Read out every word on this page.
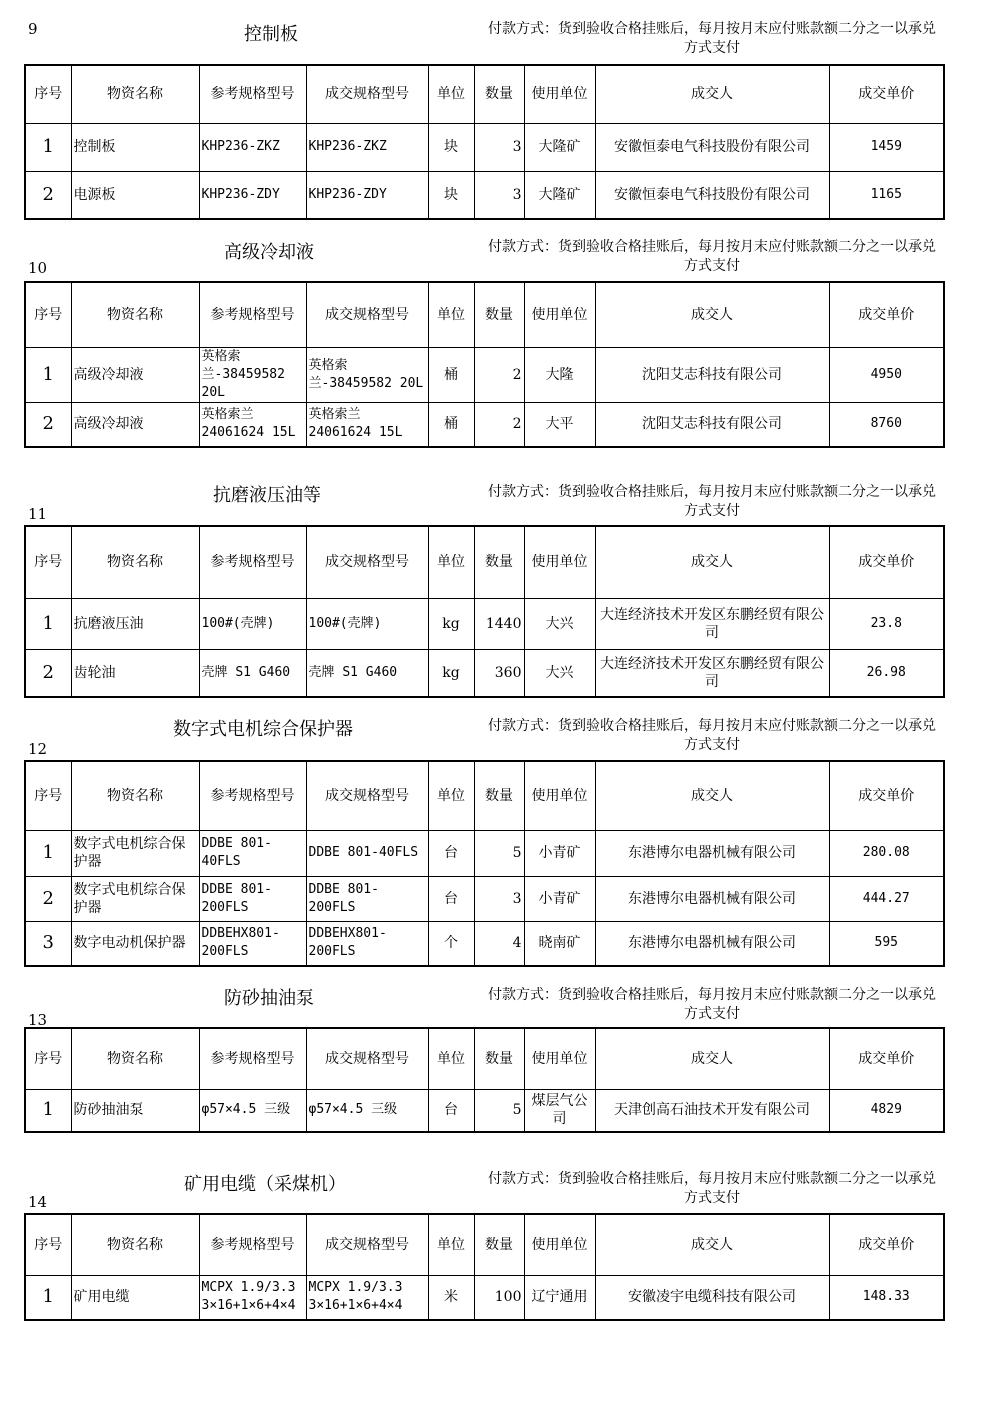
9	控制板	付款方式：货到验收合格挂账后，每月按月末应付账款额二分之一以承兑方式支付
序号	物资名称	参考规格型号	成交规格型号	单位	数量	使用单位	成交人	成交单价
1	控制板	KHP236-ZKZ	KHP236-ZKZ	块	3	大隆矿	安徽恒泰电气科技股份有限公司	1459
2	电源板	KHP236-ZDY	KHP236-ZDY	块	3	大隆矿	安徽恒泰电气科技股份有限公司	1165
10
高级冷却液	付款方式：货到验收合格挂账后，每月按月末应付账款额二分之一以承兑方式支付
序号	物资名称	参考规格型号	成交规格型号	单位	数量	使用单位	成交人	成交单价
1	高级冷却液	英格索兰-38459582 20L	英格索兰-38459582 20L	桶	2	大隆	沈阳艾志科技有限公司	4950
2	高级冷却液	英格索兰 24061624 15L	英格索兰 24061624 15L	桶	2	大平	沈阳艾志科技有限公司	8760
11
抗磨液压油等	付款方式：货到验收合格挂账后，每月按月末应付账款额二分之一以承兑方式支付
序号	物资名称	参考规格型号	成交规格型号	单位	数量	使用单位	成交人	成交单价
1	抗磨液压油	100#(壳牌)	100#(壳牌)	kg	1440	大兴	大连经济技术开发区东鹏经贸有限公司	23.8
2	齿轮油	壳牌 S1 G460	壳牌 S1 G460	kg	360	大兴	大连经济技术开发区东鹏经贸有限公司	26.98
12
数字式电机综合保护器	付款方式：货到验收合格挂账后，每月按月末应付账款额二分之一以承兑方式支付
序号	物资名称	参考规格型号	成交规格型号	单位	数量	使用单位	成交人	成交单价
1	数字式电机综合保护器	DDBE 801-40FLS	DDBE 801-40FLS	台	5	小青矿	东港博尔电器机械有限公司	280.08
2	数字式电机综合保护器	DDBE 801-200FLS	DDBE 801-200FLS	台	3	小青矿	东港博尔电器机械有限公司	444.27
3	数字电动机保护器	DDBEHX801-200FLS	DDBEHX801-200FLS	个	4	晓南矿	东港博尔电器机械有限公司	595
13
防砂抽油泵	付款方式：货到验收合格挂账后，每月按月末应付账款额二分之一以承兑方式支付
序号	物资名称	参考规格型号	成交规格型号	单位	数量	使用单位	成交人	成交单价
1	防砂抽油泵	φ57×4.5 三级	φ57×4.5 三级	台	5	煤层气公司	天津创高石油技术开发有限公司	4829
14
矿用电缆（采煤机）	付款方式：货到验收合格挂账后，每月按月末应付账款额二分之一以承兑方式支付
序号	物资名称	参考规格型号	成交规格型号	单位	数量	使用单位	成交人	成交单价
1	矿用电缆	MCPX 1.9/3.3 3×16+1×6+4×4	MCPX 1.9/3.3 3×16+1×6+4×4	米	100	辽宁通用	安徽凌宇电缆科技有限公司	148.33
